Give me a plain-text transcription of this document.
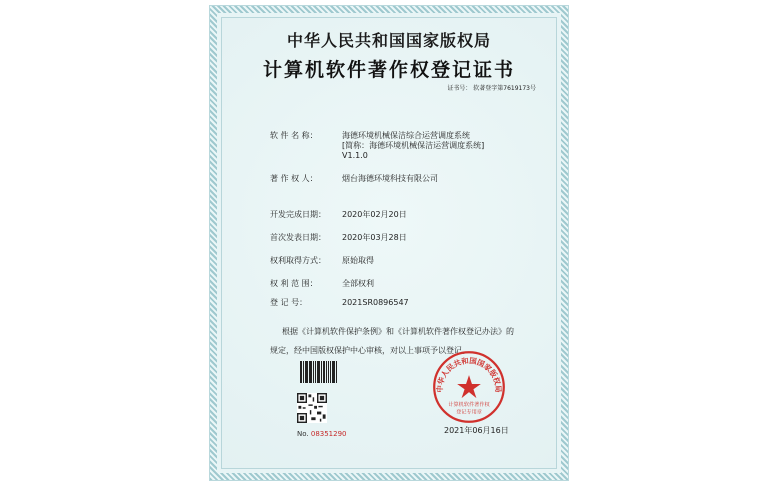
中华人民共和国国家版权局
计算机软件著作权登记证书
证书号： 软著登字第7619173号
软 件 名 称：	海德环境机械保洁综合运营调度系统
[简称：海德环境机械保洁运营调度系统]
V1.1.0
著 作 权 人：	烟台海德环境科技有限公司
开发完成日期： 2020年02月20日
首次发表日期： 2020年03月28日
权利取得方式： 原始取得
权 利 范 围：	全部权利
登 记 号：	2021SR0896547
根据《计算机软件保护条例》和《计算机软件著作权登记办法》的
规定，经中国版权保护中心审核，对以上事项予以登记。
No. 08351290
中华人民共和国国家版权局
计算机软件著作权
登记专用章
2021年06月16日
